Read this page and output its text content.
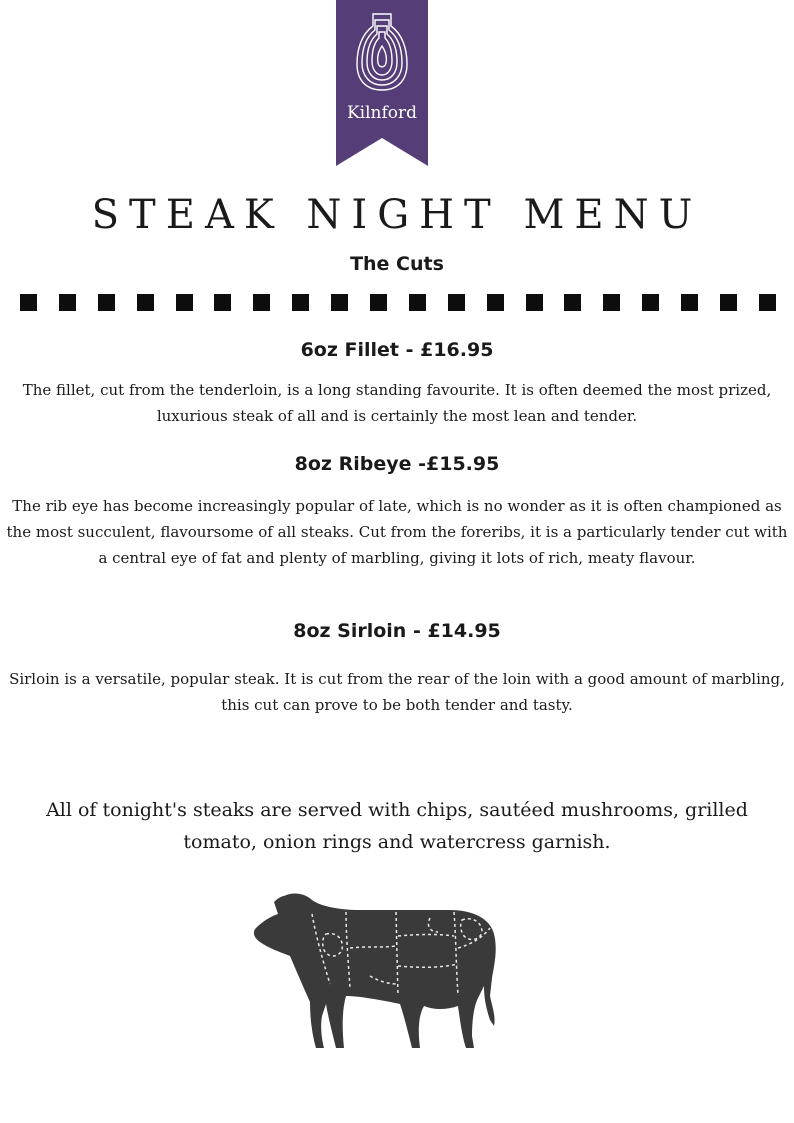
Kilnford
STEAK NIGHT MENU
The Cuts
6oz Fillet - £16.95
The fillet, cut from the tenderloin, is a long standing favourite. It is often deemed the most prized, luxurious steak of all and is certainly the most lean and tender.
8oz Ribeye -£15.95
The rib eye has become increasingly popular of late, which is no wonder as it is often championed as the most succulent, flavoursome of all steaks. Cut from the foreribs, it is a particularly tender cut with a central eye of fat and plenty of marbling, giving it lots of rich, meaty flavour.
8oz Sirloin - £14.95
Sirloin is a versatile, popular steak. It is cut from the rear of the loin with a good amount of marbling, this cut can prove to be both tender and tasty.
All of tonight's steaks are served with chips, sautéed mushrooms, grilled tomato, onion rings and watercress garnish.
